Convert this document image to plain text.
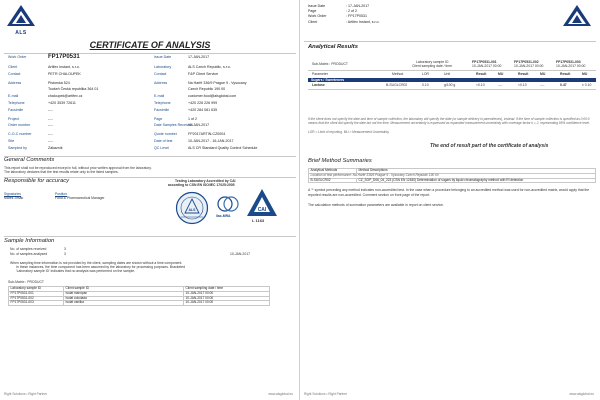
ALS
CERTIFICATE OF ANALYSIS
Work Order	FP17P0531
Client	Artifex Instant, s.r.o.
Contact	PETR CHALOUPEK
Address	Pistorská 524
Toušeň Česká republika 364 01
E-mail	chaloupek@artifex.cz
Telephone	+420 3539 72611
Facsimile	----
Project	----
Order number	----
C-O-C number	----
Site	----
Sampled by	Zákazník
Issue Date	17-JAN-2017
Laboratory	ALS Czech Republic, s.r.o.
Contact	F&P Client Service
Address	Na Harfě 336/9 Prague 9 - Vysocany
Czech Republic 190 00
E-mail	customer.food@alsglobal.com
Telephone	+420 226 226 999
Facsimile	+420 284 081 635
Page	1 of 2
Date Samples Received10-JAN-2017
Quote number	FP2017ARTIN-CZ0004
Date of test	10-JAN-2017 - 16-JAN-2017
QC Level	ALS CR Standard Quality Control Schedule
General Comments
This report shall not be reproduced except in full, without prior written approval from the laboratory.
The laboratory declares that the test results relate only to the listed samples.
Responsible for accuracy
Signatories
Marek Jirsák
Position
Food & Pharmaceutical Manager
Testing Laboratory Accredited by CAI
according to CSN EN ISO/IEC 17025:2005
ALS
ilac-MRA
CAI
L 1163
Sample Information
No. of samples received	3
No. of samples analysed	3	10-JAN-2017
When sampling time information is not provided by the client, sampling dates are shown without a time component.
In these instances, the time component has been assumed by the laboratory for processing purposes. Bracketed
'Laboratory sample ID' indicates that no analysis was performed on the sample.
Sub-Matrix : PRODUCT
Laboratory sample ID	Client sample ID	Client sampling date / time
FP17P0531-001	Isolat marcipan	10-JAN-2017 00:00
FP17P0531-002	Isolat cokolada	10-JAN-2017 00:00
FP17P0531-003	Isolat vanilka	10-JAN-2017 00:00
Right Solutions • Right Partner	www.alsglobal.eu
Issue Date	: 17-JAN-2017
Page	: 2 of 2
Work Order	: FP17P0531
Client	: Artifex Instant, s.r.o.
Analytical Results
Sub-Matrix : PRODUCT	Laboratory sample ID
Client sampling date / time
FP17P0531-001
10-JAN-2017 00:00
FP17P0531-002
10-JAN-2017 00:00
FP17P0531-003
10-JAN-2017 00:00
Parameter	Method	LOR	Unit	Result	MU	Result	MU	Result	MU
Sugars / Sweeteners
Lactose	B-SUGLCR02	0.10	g/100 g	<0.10	----	<0.10	----	0.47	± 0.10
If the client does not specify the date and time of sample collection, the laboratory will specify the date (or sample delivery in parentheses), instead. If the time of sample collection is specified as 0:00:0 means that the client did specify the date but not the time. Measurement uncertainty is expressed as expanded measurement uncertainty with coverage factor k = 2, representing 95% confidence level.
LOR = Limit of reporting. MU = Measurement Uncertainty.
The end of result part of the certificate of analysis
Brief Method Summaries
Analytical Methods	Method Descriptions
Location of test performance: Na Harfe 336/9 Prague 9 - Vysocany Czech Republic 190 00	
B-SUGLCR02	CZ_SOP_D06_04_223 (CSN EN 12630) Determination of sugars by liquid chromatography method with RI detection
A '*' symbol preceding any method indicates non-accredited test. In the case when a procedure belonging to an accredited method was used for non-accredited matrix, would apply that the reported results are non-accredited. Comment section on front page of the report.
The calculation methods of summation parameters are available in report on client service.
Right Solutions • Right Partner	www.alsglobal.eu
